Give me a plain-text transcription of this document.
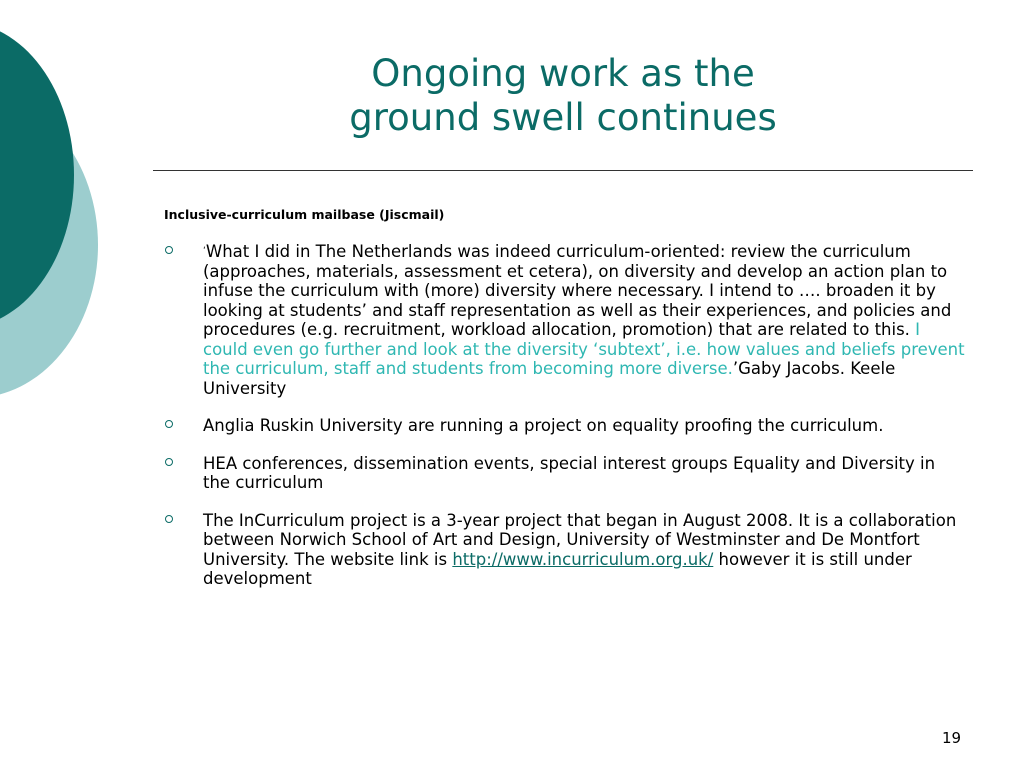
Ongoing work as the
ground swell continues
Inclusive-curriculum mailbase (Jiscmail)
‘What I did in The Netherlands was indeed curriculum-oriented: review the curriculum (approaches, materials, assessment et cetera), on diversity and develop an action plan to infuse the curriculum with (more) diversity where necessary. I intend to …. broaden it by looking at students’ and staff representation as well as their experiences, and policies and procedures (e.g. recruitment, workload allocation, promotion) that are related to this. I could even go further and look at the diversity ‘subtext’, i.e. how values and beliefs prevent the curriculum, staff and students from becoming more diverse.’Gaby Jacobs. Keele University
Anglia Ruskin University are running a project on equality proofing the curriculum.
HEA conferences, dissemination events, special interest groups Equality and Diversity in the curriculum
The InCurriculum project is a 3-year project that began in August 2008. It is a collaboration between Norwich School of Art and Design, University of Westminster and De Montfort University. The website link is http://www.incurriculum.org.uk/ however it is still under development
19
